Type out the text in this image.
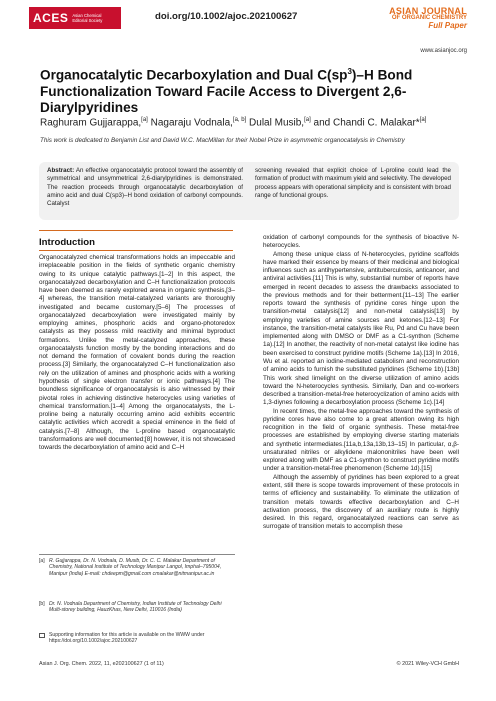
ACES Asian Chemical Editorial Society	doi.org/10.1002/ajoc.202100627	ASIAN JOURNAL
OF ORGANIC CHEMISTRY
Full Paper
www.asianjoc.org
Organocatalytic Decarboxylation and Dual $C(sp^3)-H$ Bond Functionalization Toward Facile Access to Divergent 2,6-Diarylpyridines
Raghuram Gujjarappa,[a] Nagaraju Vodnala,[a, b] Dulal Musib,[a] and Chandi C. Malakar*[a]
This work is dedicated to Benjamin List and David W.C. MacMillan for their Nobel Prize in asymmetric organocatalysis in Chemistry
Abstract: An effective organocatalytic protocol toward the assembly of symmetrical and unsymmetrical 2,6-diarylpyridines is demonstrated. The reaction proceeds through organocatalytic decarboxylation of amino acid and dual C(sp3)–H bond oxidation of carbonyl compounds. Catalyst
screening revealed that explicit choice of L-proline could lead the formation of product with maximum yield and selectivity. The developed process appears with operational simplicity and is consistent with broad range of functional groups.
Introduction

Organocatalyzed chemical transformations holds an impeccable and irreplaceable position in the fields of synthetic organic chemistry owing to its unique catalytic pathways.[1–2] In this aspect, the organocatalyzed decarboxylation and C–H functionalization protocols have been deemed as rarely explored arena in organic synthesis,[3–4] whereas, the transition metal-catalyzed variants are thoroughly investigated and became customary.[5–6] The processes of organocatalyzed decarboxylation were investigated mainly by employing amines, phosphoric acids and organo-photoredox catalysts as they possess mild reactivity and minimal byproduct formations. Unlike the metal-catalyzed approaches, these organocatalysts function mostly by the bonding interactions and do not demand the formation of covalent bonds during the reaction process.[3] Similarly, the organocatalyzed C–H functionalization also rely on the utilization of amines and phosphoric acids with a working hypothesis of single electron transfer or ionic pathways.[4] The boundless significance of organocatalysis is also witnessed by their pivotal roles in achieving distinctive heterocycles using varieties of chemical transformation.[1–4] Among the organocatalysts, the L-proline being a naturally occurring amino acid exhibits eccentric catalytic activities which accredit a special eminence in the field of catalysis.[7–8] Although, the L-proline based organocatalytic transformations are well documented;[8] however, it is not showcased towards the decarboxylation of amino acid and C–H

oxidation of carbonyl compounds for the synthesis of bioactive N-heterocycles.

Among these unique class of N-heterocycles, pyridine scaffolds have marked their essence by means of their medicinal and biological influences such as antihypertensive, antituberculosis, anticancer, and antiviral activities.[11] This is why, substantial number of reports have emerged in recent decades to assess the drawbacks associated to the previous methods and for their betterment.[11–13] The earlier reports toward the synthesis of pyridine cores hinge upon the transition-metal catalysis[12] and non-metal catalysis[13] by employing varieties of amine sources and ketones.[12–13] For instance, the transition-metal catalysts like Ru, Pd and Cu have been implemented along with DMSO or DMF as a C1-synthon (Scheme 1a).[12] In another, the reactivity of non-metal catalyst like iodine has been exercised to construct pyridine motifs (Scheme 1a).[13] In 2016, Wu et al. reported an iodine-mediated catabolism and reconstruction of amino acids to furnish the substituted pyridines (Scheme 1b).[13b] This work shed limelight on the diverse utilization of amino acids toward the N-heterocycles synthesis. Similarly, Dan and co-workers described a transition-metal-free heterocyclization of amino acids with 1,3-diynes following a decarboxylation process (Scheme 1c).[14]

In recent times, the metal-free approaches toward the synthesis of pyridine cores have also come to a great attention owing its high recognition in the field of organic synthesis. These metal-free processes are established by employing diverse starting materials and synthetic intermediates.[11a,b,13a,13b,13–15] In particular, α,β-unsaturated nitriles or alkylidene malononitriles have been well explored along with DMF as a C1-synthon to construct pyridine motifs under a transition-metal-free phenomenon (Scheme 1d).[15]

Although the assembly of pyridines has been explored to a great extent, still there is scope towards improvement of these protocols in terms of efficiency and sustainability. To eliminate the utilization of transition metals towards effective decarboxylation and C–H activation process, the discovery of an auxiliary route is highly desired. In this regard, organocatalyzed reactions can serve as surrogate of transition metals to accomplish these

[a] R. Gujjarappa, Dr. N. Vodnala, D. Musib, Dr. C. C. Malakar Department of Chemistry, National Institute of Technology Manipur Langol, Imphal–795004, Manipur (India) E-mail: chdeepm@gmail.com cmalakar@nitmanipur.ac.in
[b] Dr. N. Vodnala Department of Chemistry, Indian Institute of Technology Delhi Multi-storey building, HauzKhas, New Delhi, 110016 (India)
Supporting information for this article is available on the WWW under https://doi.org/10.1002/ajoc.202100627
Asian J. Org. Chem. 2022, 11, e202100627 (1 of 11)	© 2021 Wiley-VCH GmbH
